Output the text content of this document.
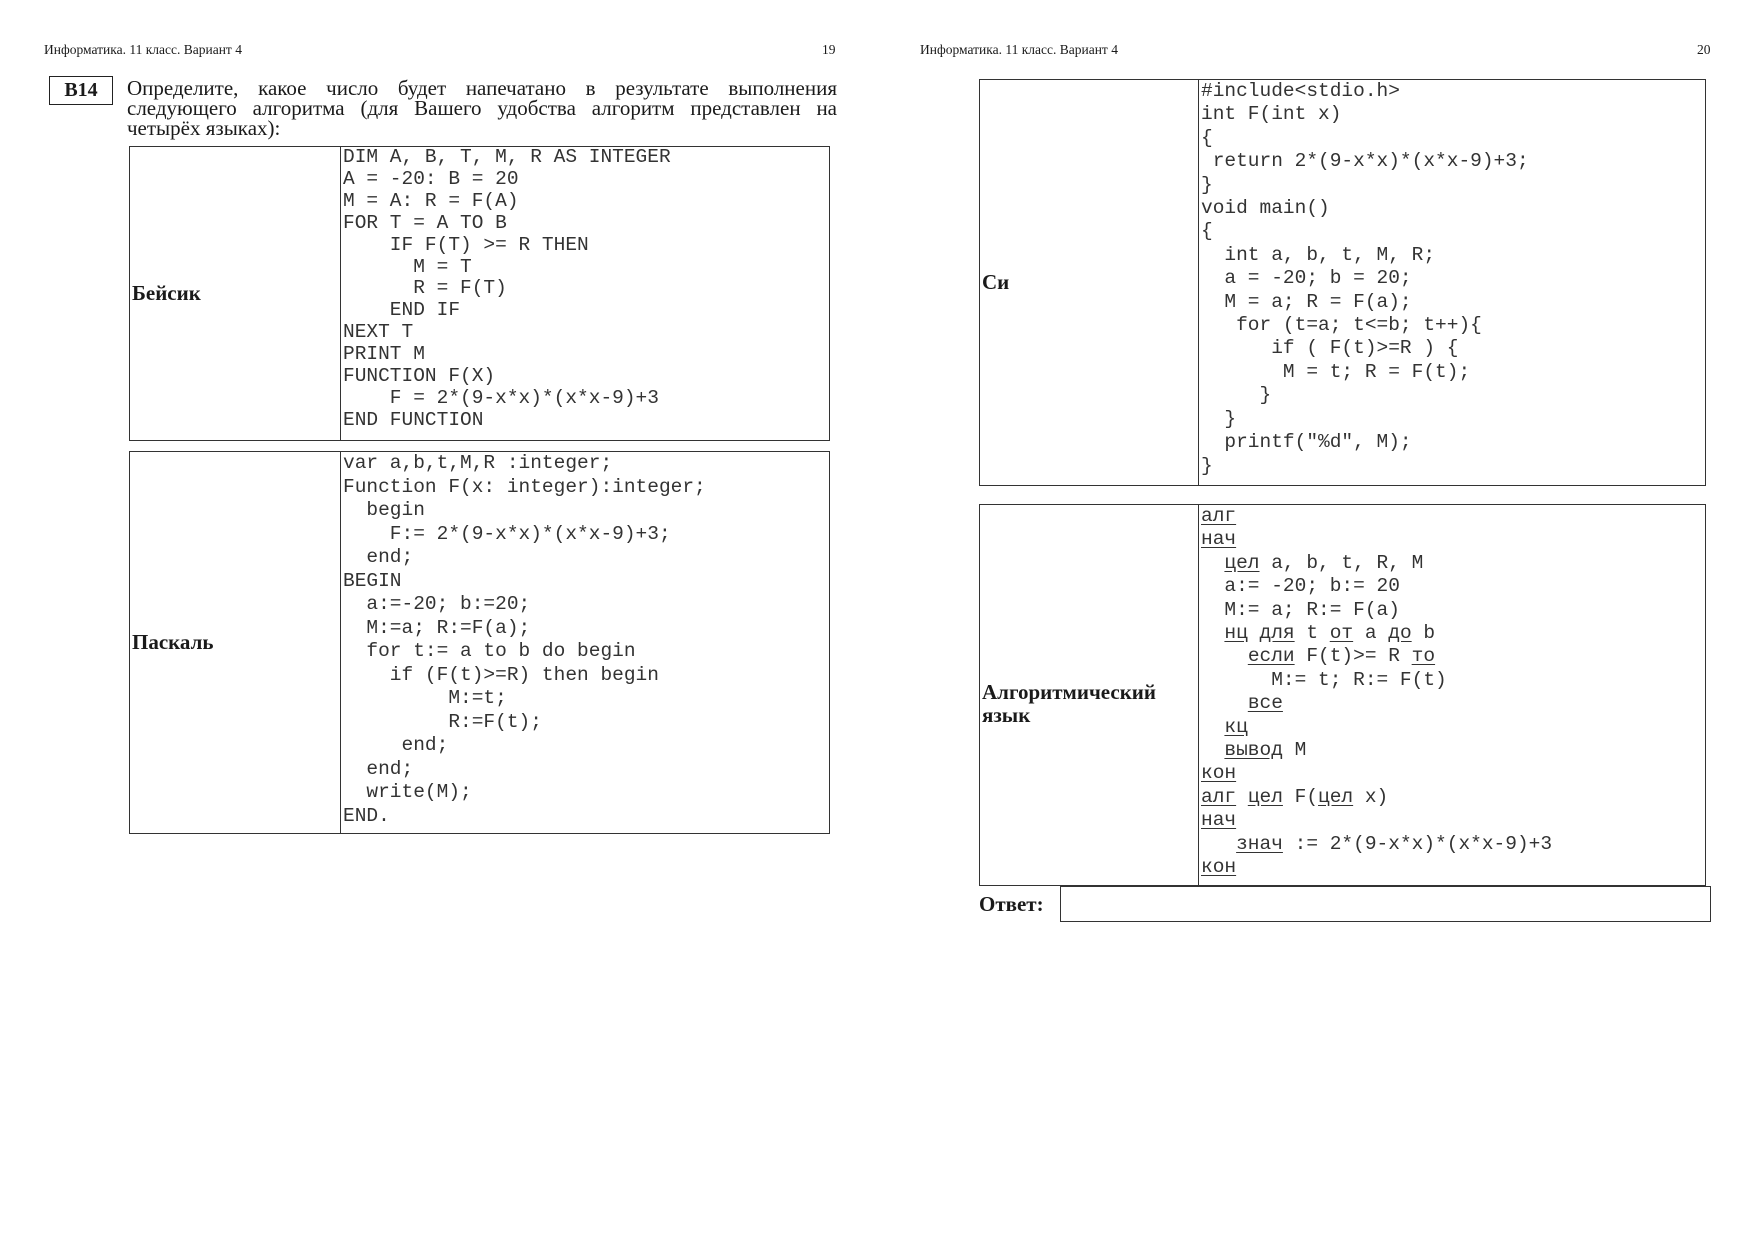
Информатика. 11 класс. Вариант 4	19	Информатика. 11 класс. Вариант 4	20
B14	Определите, какое число будет напечатано в результате выполнения следующего алгоритма (для Вашего удобства алгоритм представлен на четырёх языках):
Бейсик
DIM A, B, T, M, R AS INTEGER
A = -20: B = 20
M = A: R = F(A)
FOR T = A TO B
IF F(T) >= R THEN
M = T
R = F(T)
END IF
NEXT T
PRINT M
FUNCTION F(X)
F = 2*(9-x*x)*(x*x-9)+3
END FUNCTION
Паскаль
var a,b,t,M,R :integer;
Function F(x: integer):integer;
begin
F:= 2*(9-x*x)*(x*x-9)+3;
end;
BEGIN
a:=-20; b:=20;
M:=a; R:=F(a);
for t:= a to b do begin
if (F(t)>=R) then begin
M:=t;
R:=F(t);
end;
end;
write(M);
END.
Си
#include<stdio.h>
int F(int x)
{
return 2*(9-x*x)*(x*x-9)+3;
}
void main()
{
int a, b, t, M, R;
a = -20; b = 20;
M = a; R = F(a);
for (t=a; t<=b; t++){
if ( F(t)>=R ) {
M = t; R = F(t);
}
}
printf("%d", M);
}
Алгоритмический язык
алг
нач
цел a, b, t, R, M
a:= -20; b:= 20
M:= a; R:= F(a)
нц для t от a до b
если F(t)>= R то
M:= t; R:= F(t)
все
кц
вывод M
кон
алг цел F(цел x)
нач
знач := 2*(9-x*x)*(x*x-9)+3
кон
Ответ:
